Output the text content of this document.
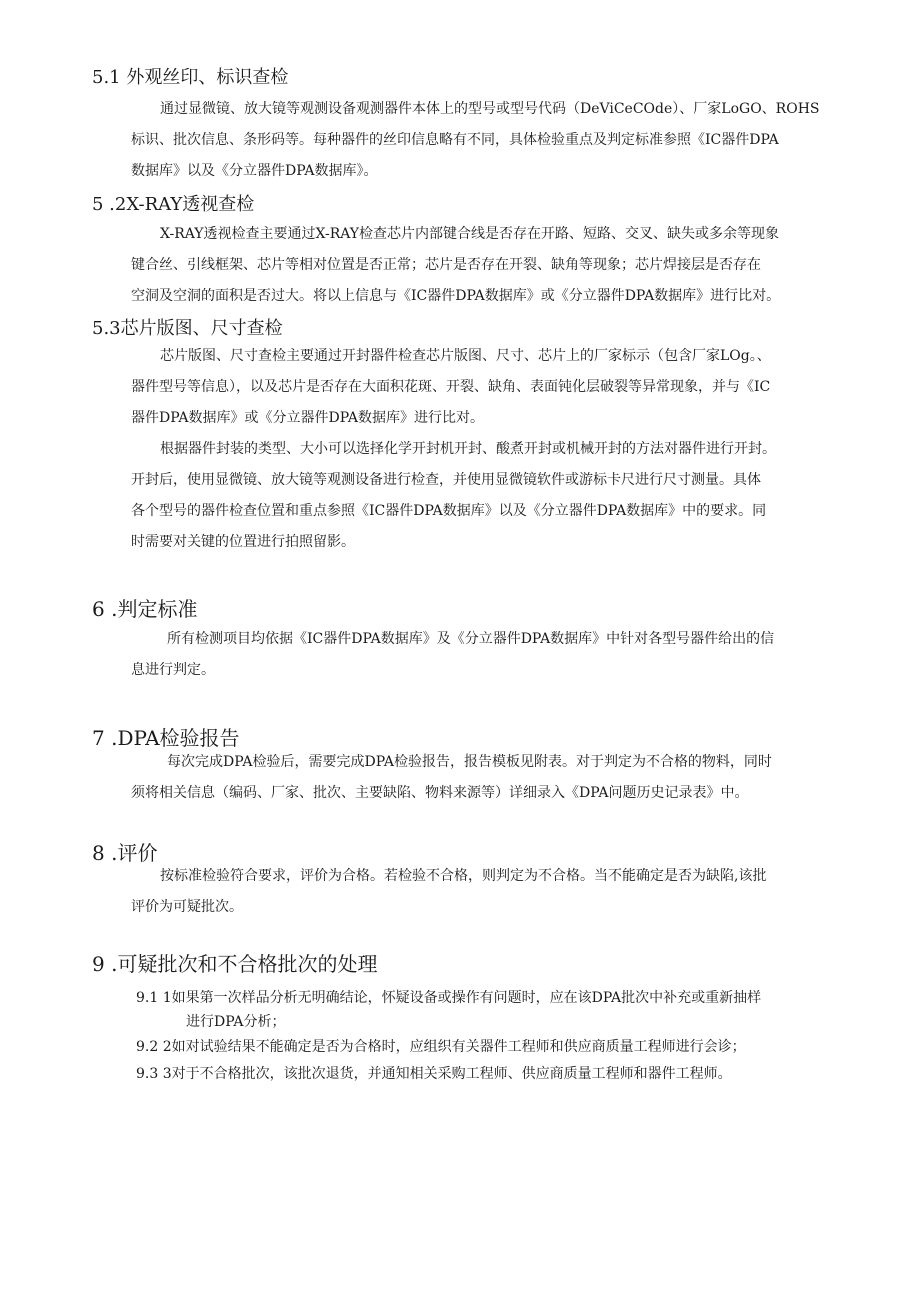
5.1 外观丝印、标识查检
通过显微镜、放大镜等观测设备观测器件本体上的型号或型号代码（DeViCeCOde）、厂家LoGO、ROHS
标识、批次信息、条形码等。每种器件的丝印信息略有不同，具体检验重点及判定标准参照《IC器件DPA
数据库》以及《分立器件DPA数据库》。
5 .2X-RAY透视查检
X-RAY透视检查主要通过X-RAY检查芯片内部键合线是否存在开路、短路、交叉、缺失或多余等现象
键合丝、引线框架、芯片等相对位置是否正常；芯片是否存在开裂、缺角等现象；芯片焊接层是否存在
空洞及空洞的面积是否过大。将以上信息与《IC器件DPA数据库》或《分立器件DPA数据库》进行比对。
5.3芯片版图、尺寸查检
芯片版图、尺寸查检主要通过开封器件检查芯片版图、尺寸、芯片上的厂家标示（包含厂家LOg。、
器件型号等信息），以及芯片是否存在大面积花斑、开裂、缺角、表面钝化层破裂等异常现象，并与《IC
器件DPA数据库》或《分立器件DPA数据库》进行比对。
根据器件封装的类型、大小可以选择化学开封机开封、酸煮开封或机械开封的方法对器件进行开封。
开封后，使用显微镜、放大镜等观测设备进行检查，并使用显微镜软件或游标卡尺进行尺寸测量。具体
各个型号的器件检查位置和重点参照《IC器件DPA数据库》以及《分立器件DPA数据库》中的要求。同
时需要对关键的位置进行拍照留影。
6 .判定标准
所有检测项目均依据《IC器件DPA数据库》及《分立器件DPA数据库》中针对各型号器件给出的信
息进行判定。
7 .DPA检验报告
每次完成DPA检验后，需要完成DPA检验报告，报告模板见附表。对于判定为不合格的物料，同时
须将相关信息（编码、厂家、批次、主要缺陷、物料来源等）详细录入《DPA问题历史记录表》中。
8 .评价
按标准检验符合要求，评价为合格。若检验不合格，则判定为不合格。当不能确定是否为缺陷,该批
评价为可疑批次。
9 .可疑批次和不合格批次的处理
9.1 1如果第一次样品分析无明确结论，怀疑设备或操作有问题时，应在该DPA批次中补充或重新抽样
进行DPA分析；
9.2 2如对试验结果不能确定是否为合格时，应组织有关器件工程师和供应商质量工程师进行会诊；
9.3 3对于不合格批次，该批次退货，并通知相关采购工程师、供应商质量工程师和器件工程师。
